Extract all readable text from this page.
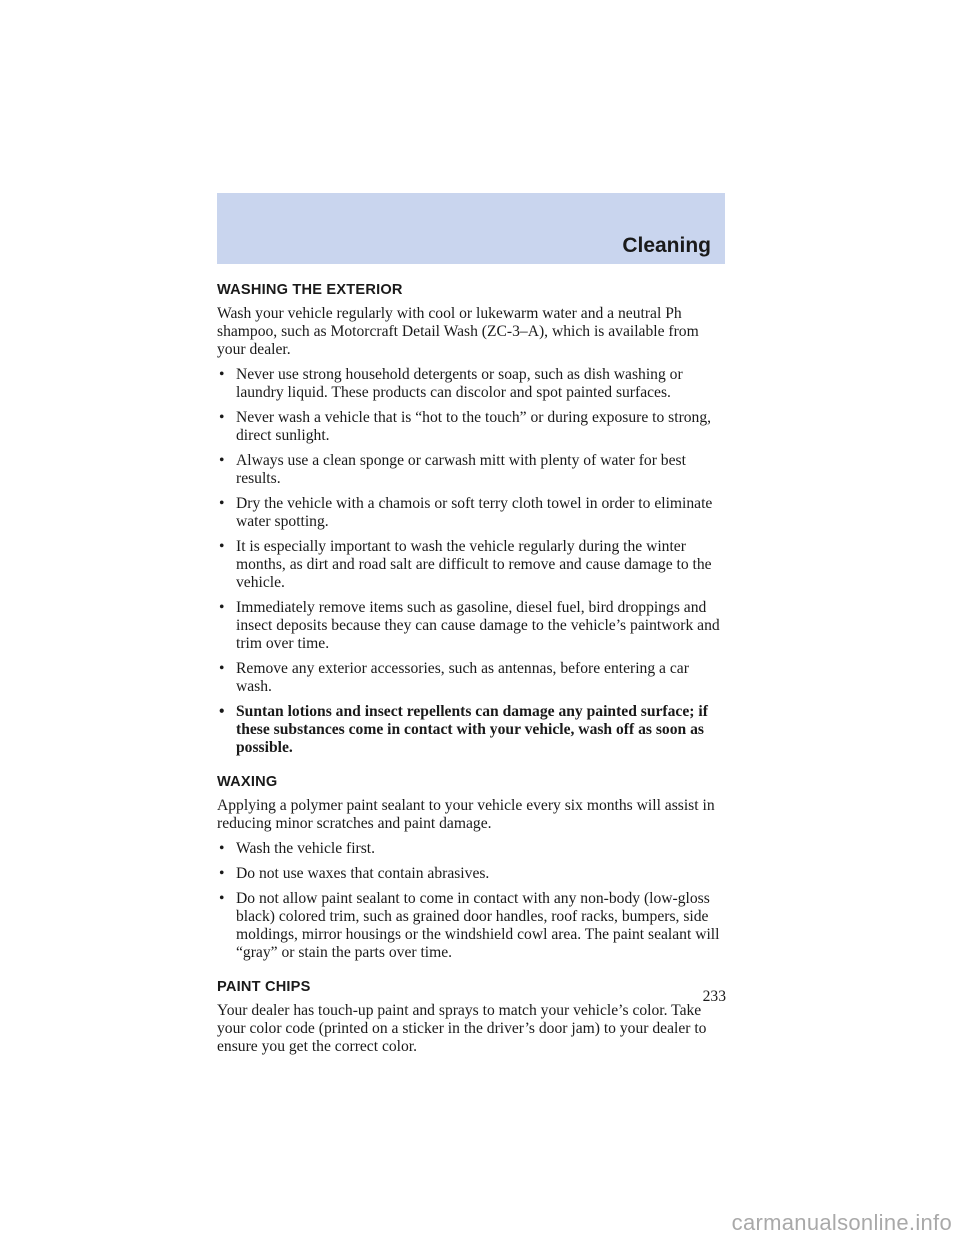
Cleaning
WASHING THE EXTERIOR

Wash your vehicle regularly with cool or lukewarm water and a neutral Ph shampoo, such as Motorcraft Detail Wash (ZC-3–A), which is available from your dealer.

• Never use strong household detergents or soap, such as dish washing or laundry liquid. These products can discolor and spot painted surfaces.
• Never wash a vehicle that is “hot to the touch” or during exposure to strong, direct sunlight.
• Always use a clean sponge or carwash mitt with plenty of water for best results.
• Dry the vehicle with a chamois or soft terry cloth towel in order to eliminate water spotting.
• It is especially important to wash the vehicle regularly during the winter months, as dirt and road salt are difficult to remove and cause damage to the vehicle.
• Immediately remove items such as gasoline, diesel fuel, bird droppings and insect deposits because they can cause damage to the vehicle’s paintwork and trim over time.
• Remove any exterior accessories, such as antennas, before entering a car wash.
• Suntan lotions and insect repellents can damage any painted surface; if these substances come in contact with your vehicle, wash off as soon as possible.
WAXING

Applying a polymer paint sealant to your vehicle every six months will assist in reducing minor scratches and paint damage.

• Wash the vehicle first.
• Do not use waxes that contain abrasives.
• Do not allow paint sealant to come in contact with any non-body (low-gloss black) colored trim, such as grained door handles, roof racks, bumpers, side moldings, mirror housings or the windshield cowl area. The paint sealant will “gray” or stain the parts over time.
PAINT CHIPS

Your dealer has touch-up paint and sprays to match your vehicle’s color. Take your color code (printed on a sticker in the driver’s door jam) to your dealer to ensure you get the correct color.

233
carmanualsonline.info
